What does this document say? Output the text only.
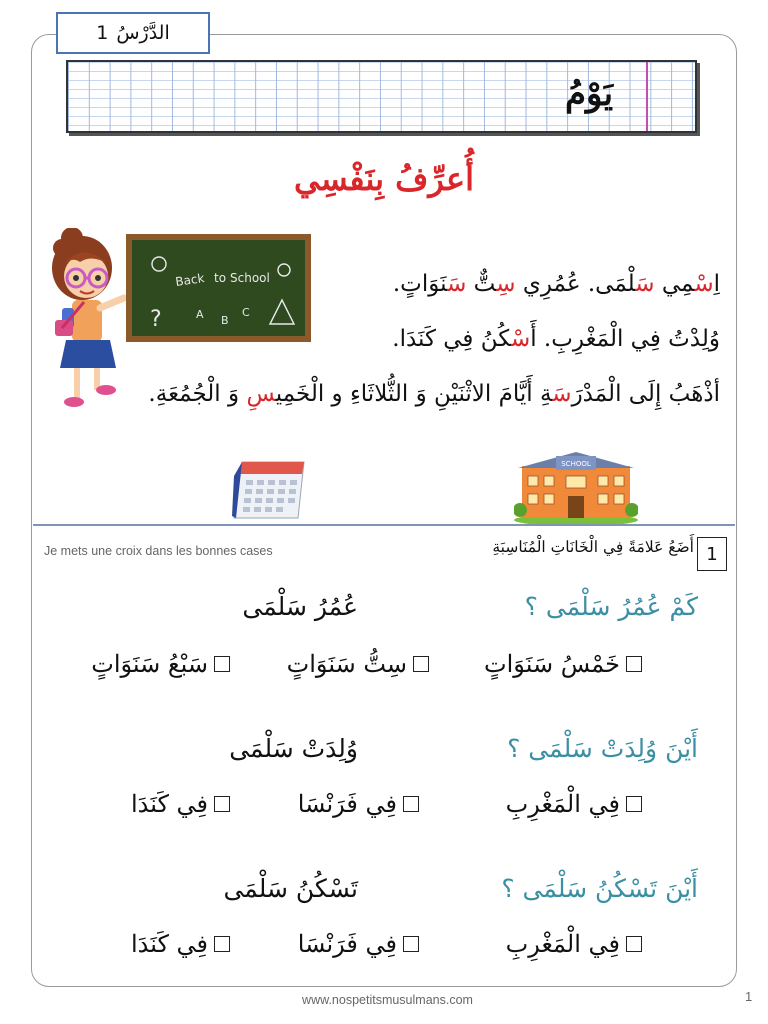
الدَّرْسُ
1
يَوْمُ
أُعرِّفُ بِنَفْسِي
Back to School
?	A B
C

اِسْمِي سَلْمَى. عُمُرِي سِتٌّ سَنَوَاتٍ.

وُلِدْتُ فِي الْمَغْرِبِ. أَسْكُنُ فِي كَنَدَا.

أذْهَبُ إِلَى الْمَدْرَسَةِ أَيَّامَ الاثْنَيْنِ وَ الثُّلاثَاءِ و الْخَمِيسِ وَ الْجُمُعَةِ.

SCHOOL
Je mets une croix dans les bonnes cases	أَضَعُ عَلامَةً فِي الْخَانَاتِ الْمُنَاسِبَةِ 1
كَمْ عُمُرُ سَلْمَى ؟
عُمُرُ سَلْمَى
خَمْسُ سَنَوَاتٍ
سِتُّ سَنَوَاتٍ
سَبْعُ سَنَوَاتٍ
أَيْنَ وُلِدَتْ سَلْمَى ؟
وُلِدَتْ سَلْمَى
فِي الْمَغْرِبِ
فِي فَرَنْسَا
فِي كَنَدَا
أَيْنَ تَسْكُنُ سَلْمَى ؟
تَسْكُنُ سَلْمَى
فِي الْمَغْرِبِ
فِي فَرَنْسَا
فِي كَنَدَا
www.nospetitsmusulmans.com	1
